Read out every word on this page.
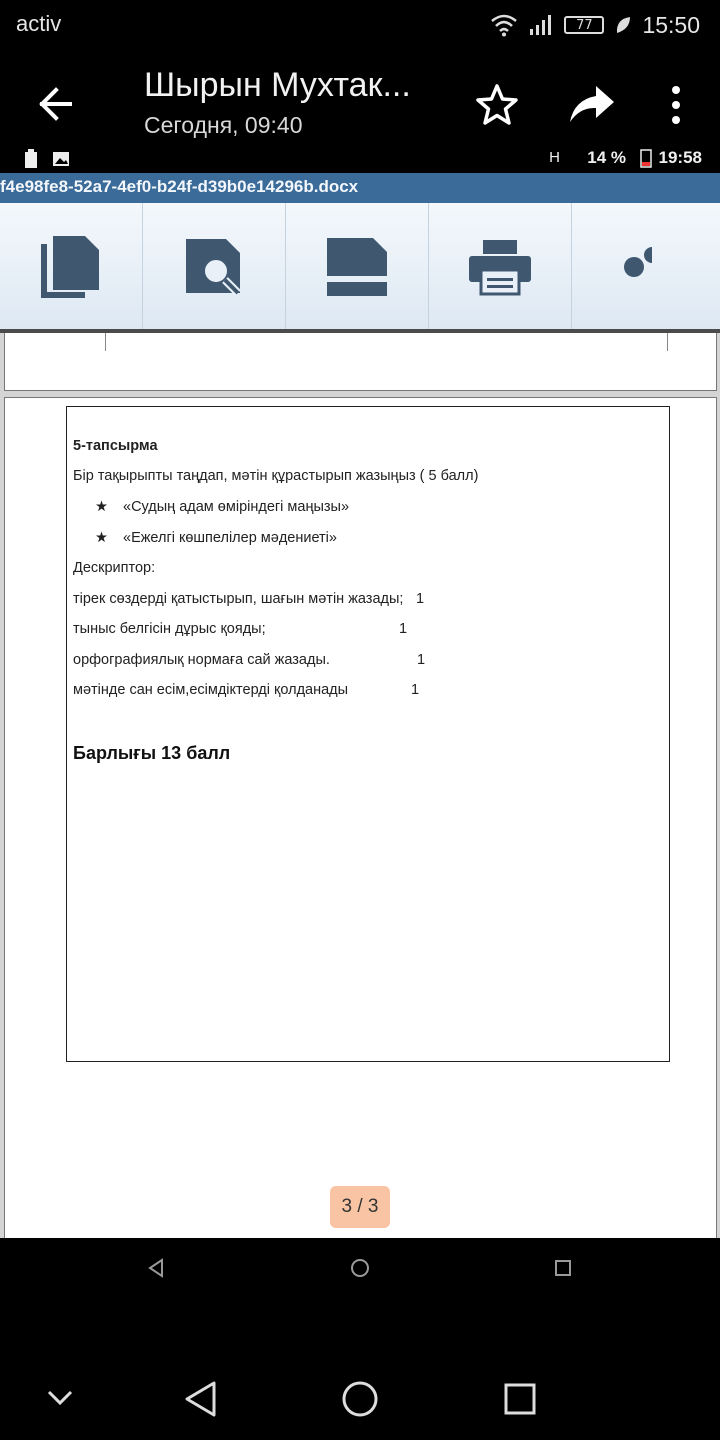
activ	77 15:50
Шырын Мухтак...
Сегодня, 09:40
H 14 % 19:58
f4e98fe8-52a7-4ef0-b24f-d39b0e14296b.docx
5-тапсырма
Бір тақырыпты таңдап, мәтін құрастырып жазыңыз ( 5 балл)
★ «Судың адам өміріндегі маңызы»
★ «Ежелгі көшпелілер мәдениеті»
Дескриптор:
тірек сөздерді қатыстырып, шағын мәтін жазады; 1
тыныс белгісін дұрыс қояды;	1
орфографиялық нормаға сай жазады.	1
мәтінде сан есім,есімдіктерді қолданады	1
Барлығы 13 балл
3 / 3
